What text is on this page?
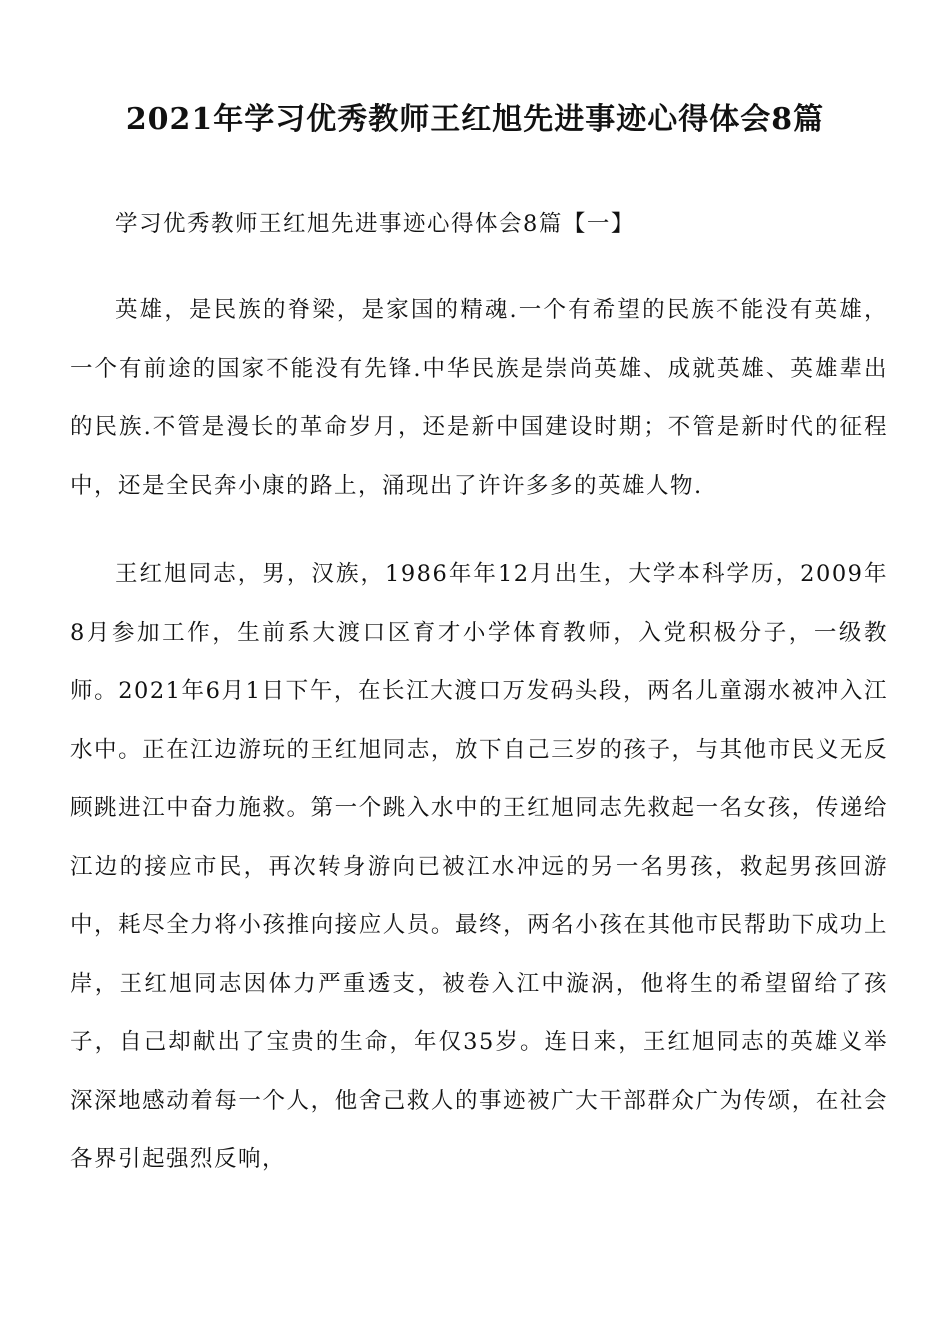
2021年学习优秀教师王红旭先进事迹心得体会8篇

学习优秀教师王红旭先进事迹心得体会8篇【一】

英雄，是民族的脊梁，是家国的精魂.一个有希望的民族不能没有英雄，一个有前途的国家不能没有先锋.中华民族是崇尚英雄、成就英雄、英雄辈出的民族.不管是漫长的革命岁月，还是新中国建设时期；不管是新时代的征程中，还是全民奔小康的路上，涌现出了许许多多的英雄人物.

王红旭同志，男，汉族，1986年年12月出生，大学本科学历，2009年8月参加工作，生前系大渡口区育才小学体育教师，入党积极分子，一级教师。2021年6月1日下午，在长江大渡口万发码头段，两名儿童溺水被冲入江水中。正在江边游玩的王红旭同志，放下自己三岁的孩子，与其他市民义无反顾跳进江中奋力施救。第一个跳入水中的王红旭同志先救起一名女孩，传递给江边的接应市民，再次转身游向已被江水冲远的另一名男孩，救起男孩回游中，耗尽全力将小孩推向接应人员。最终，两名小孩在其他市民帮助下成功上岸，王红旭同志因体力严重透支，被卷入江中漩涡，他将生的希望留给了孩子，自己却献出了宝贵的生命，年仅35岁。连日来，王红旭同志的英雄义举深深地感动着每一个人，他舍己救人的事迹被广大干部群众广为传颂，在社会各界引起强烈反响，
